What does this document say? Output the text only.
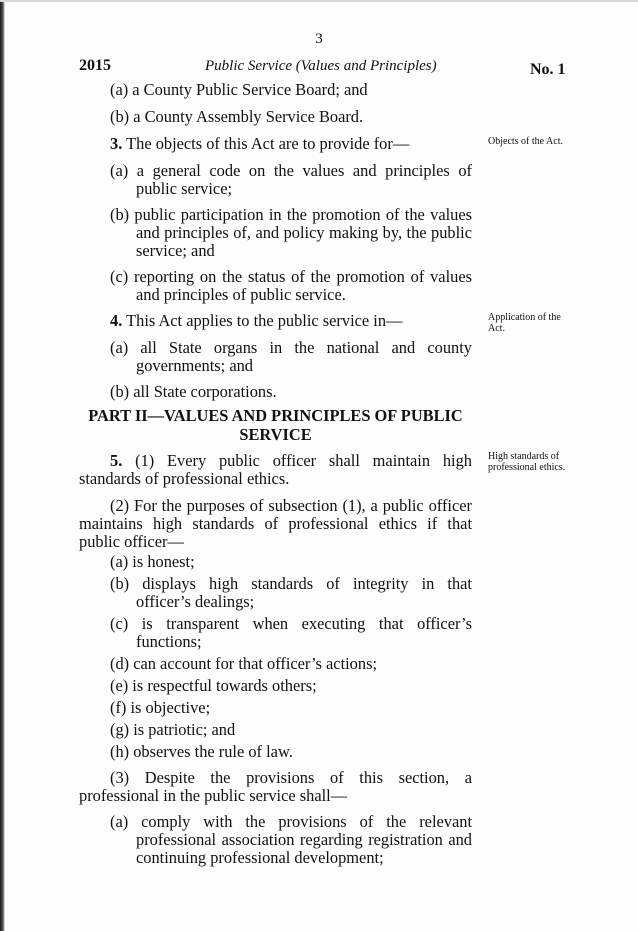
3
2015	Public Service (Values and Principles)	No. 1
(a) a County Public Service Board; and
(b) a County Assembly Service Board.
3. The objects of this Act are to provide for—	Objects of the Act.
(a) a general code on the values and principles of
public service;
(b) public participation in the promotion of the values
and principles of, and policy making by, the public
service; and
(c) reporting on the status of the promotion of values
and principles of public service.
4. This Act applies to the public service in—	Application of the
Act.
(a) all State organs in the national and county
governments; and
(b) all State corporations.
PART II—VALUES AND PRINCIPLES OF PUBLIC
SERVICE
5. (1) Every public officer shall maintain high High standards of
professional ethics.
standards of professional ethics.
(2) For the purposes of subsection (1), a public officer
maintains high standards of professional ethics if that
public officer—
(a) is honest;
(b) displays high standards of integrity in that
officer’s dealings;
(c) is transparent when executing that officer’s
functions;
(d) can account for that officer’s actions;
(e) is respectful towards others;
(f) is objective;
(g) is patriotic; and
(h) observes the rule of law.
(3) Despite the provisions of this section, a
professional in the public service shall—
(a) comply with the provisions of the relevant
professional association regarding registration and
continuing professional development;
